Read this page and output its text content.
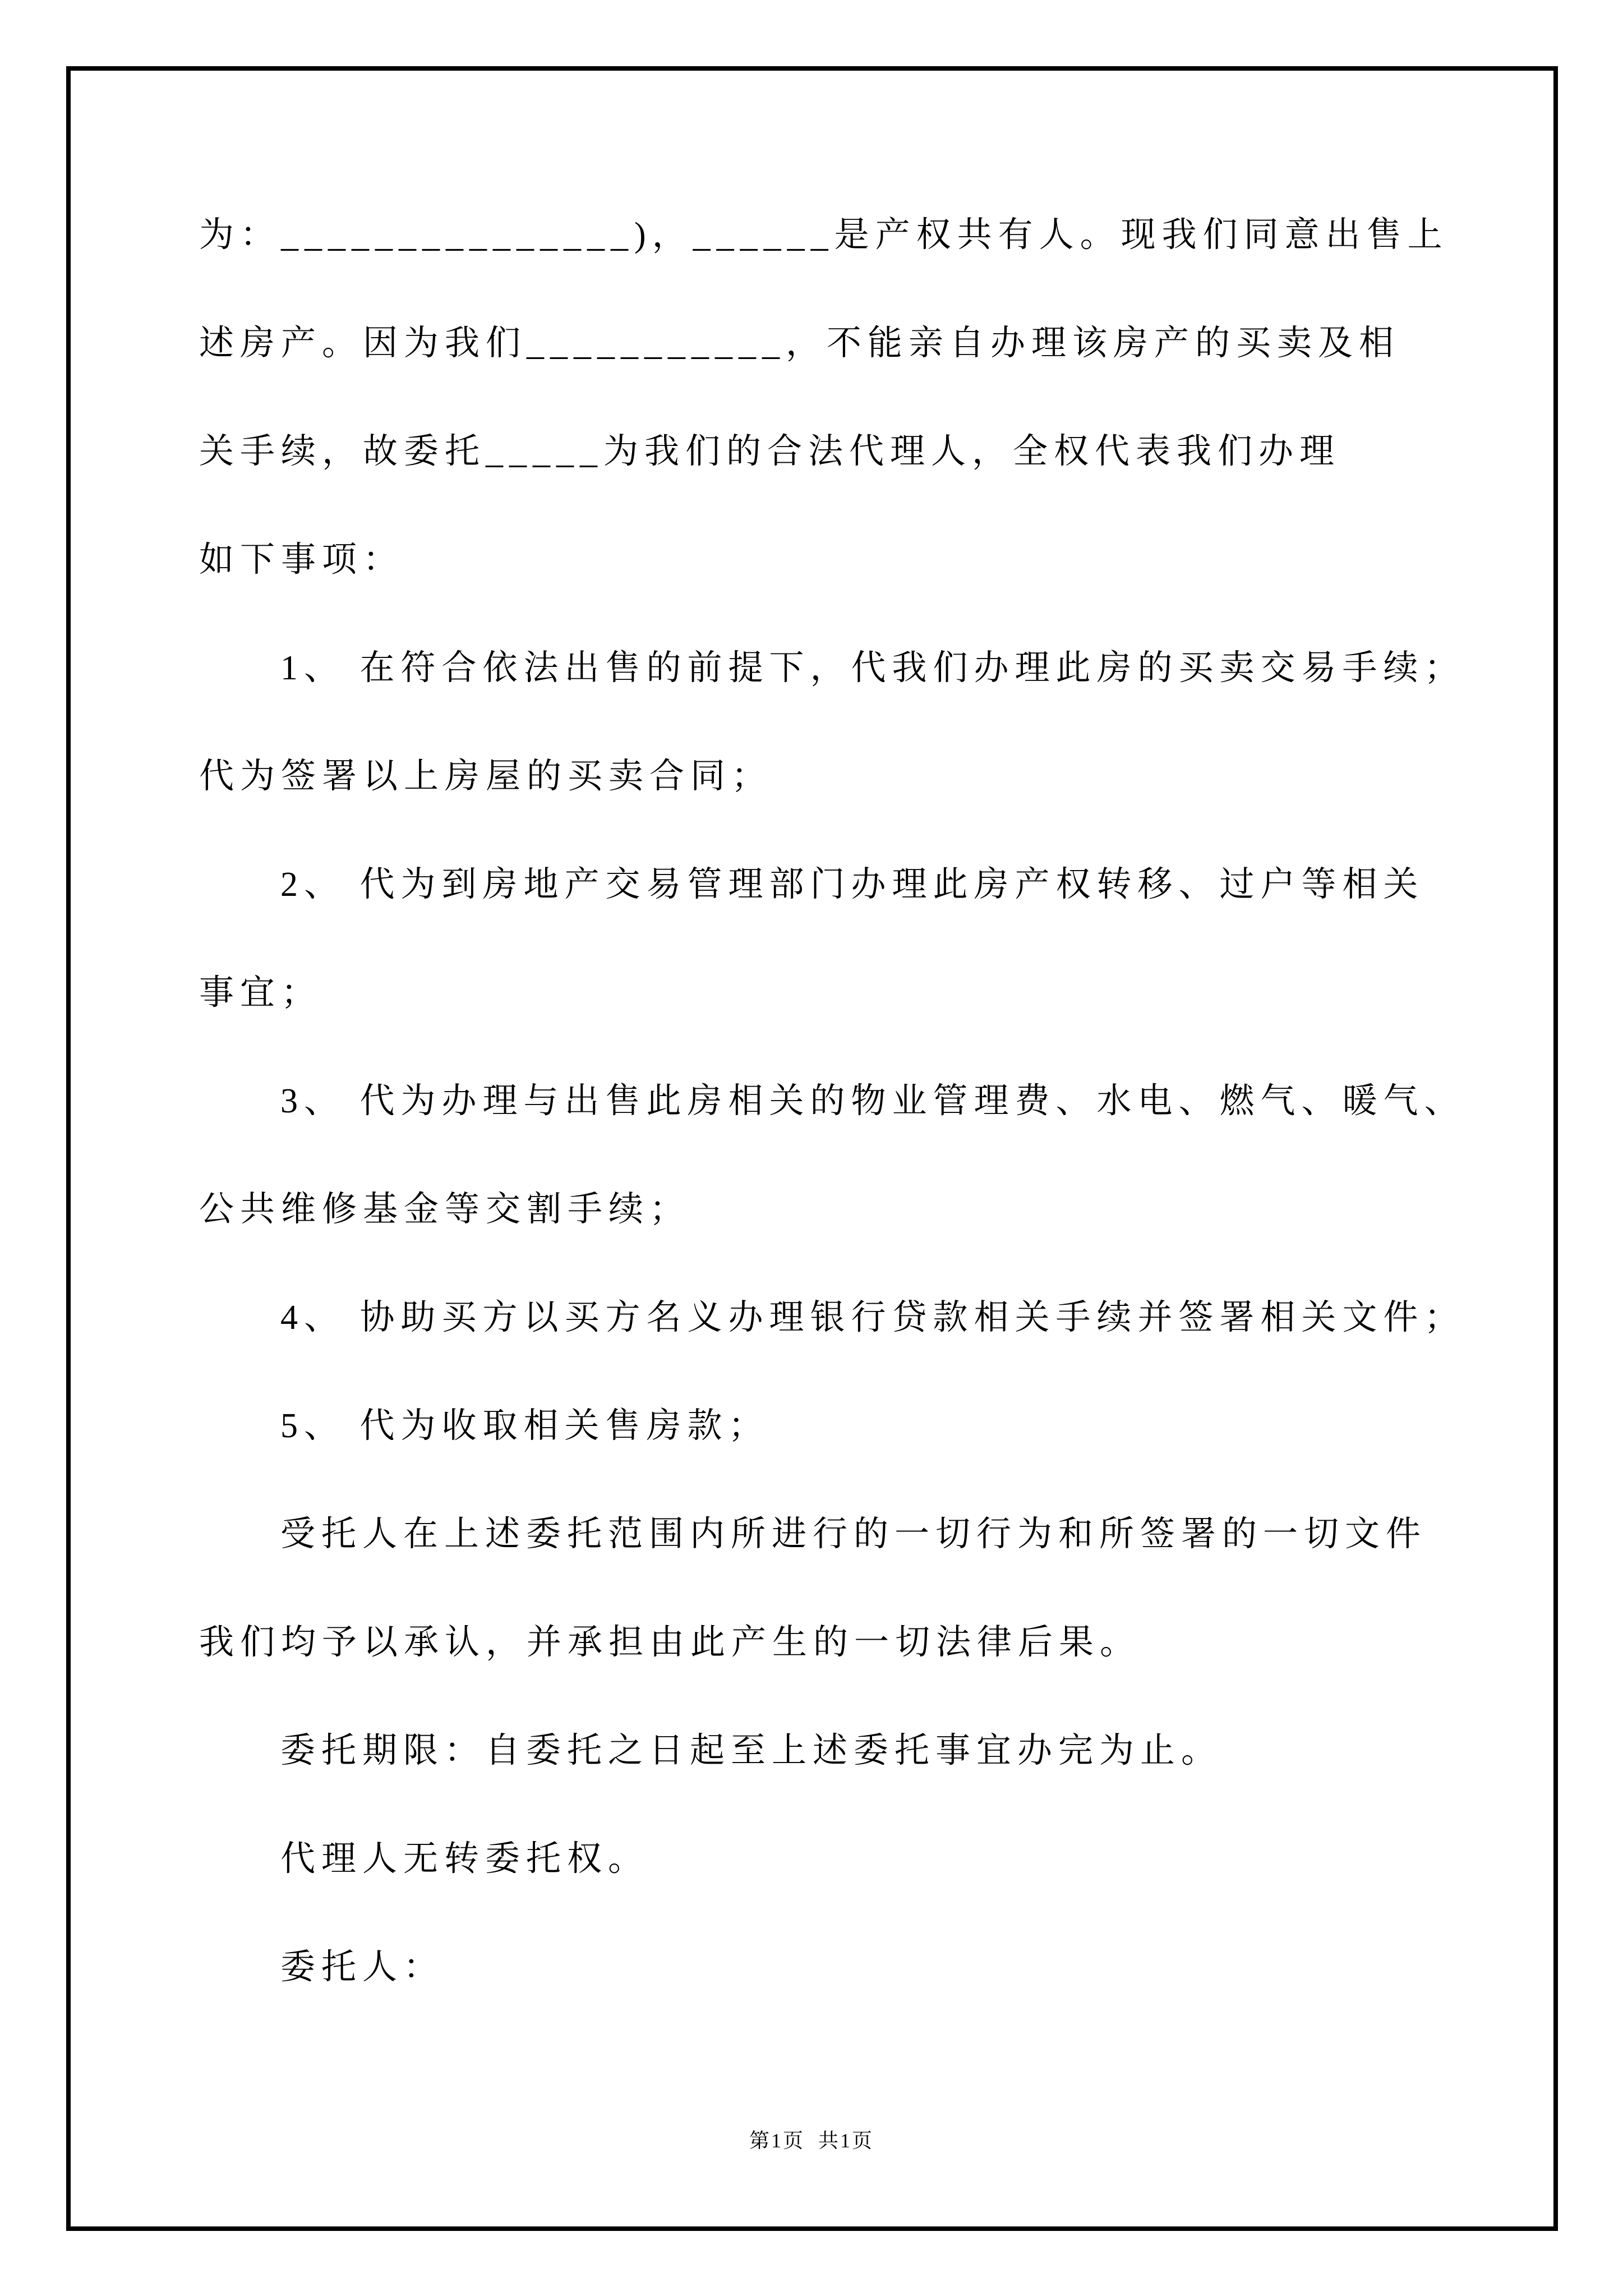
为：_______________)，______是产权共有人。现我们同意出售上
述房产。因为我们___________，不能亲自办理该房产的买卖及相
关手续，故委托_____为我们的合法代理人，全权代表我们办理
如下事项：
1、 在符合依法出售的前提下，代我们办理此房的买卖交易手续；
代为签署以上房屋的买卖合同；
2、 代为到房地产交易管理部门办理此房产权转移、过户等相关
事宜；
3、 代为办理与出售此房相关的物业管理费、水电、燃气、暖气、
公共维修基金等交割手续；
4、 协助买方以买方名义办理银行贷款相关手续并签署相关文件；
5、 代为收取相关售房款；
受托人在上述委托范围内所进行的一切行为和所签署的一切文件
我们均予以承认，并承担由此产生的一切法律后果。
委托期限：自委托之日起至上述委托事宜办完为止。
代理人无转委托权。
委托人：
第1页  共1页
